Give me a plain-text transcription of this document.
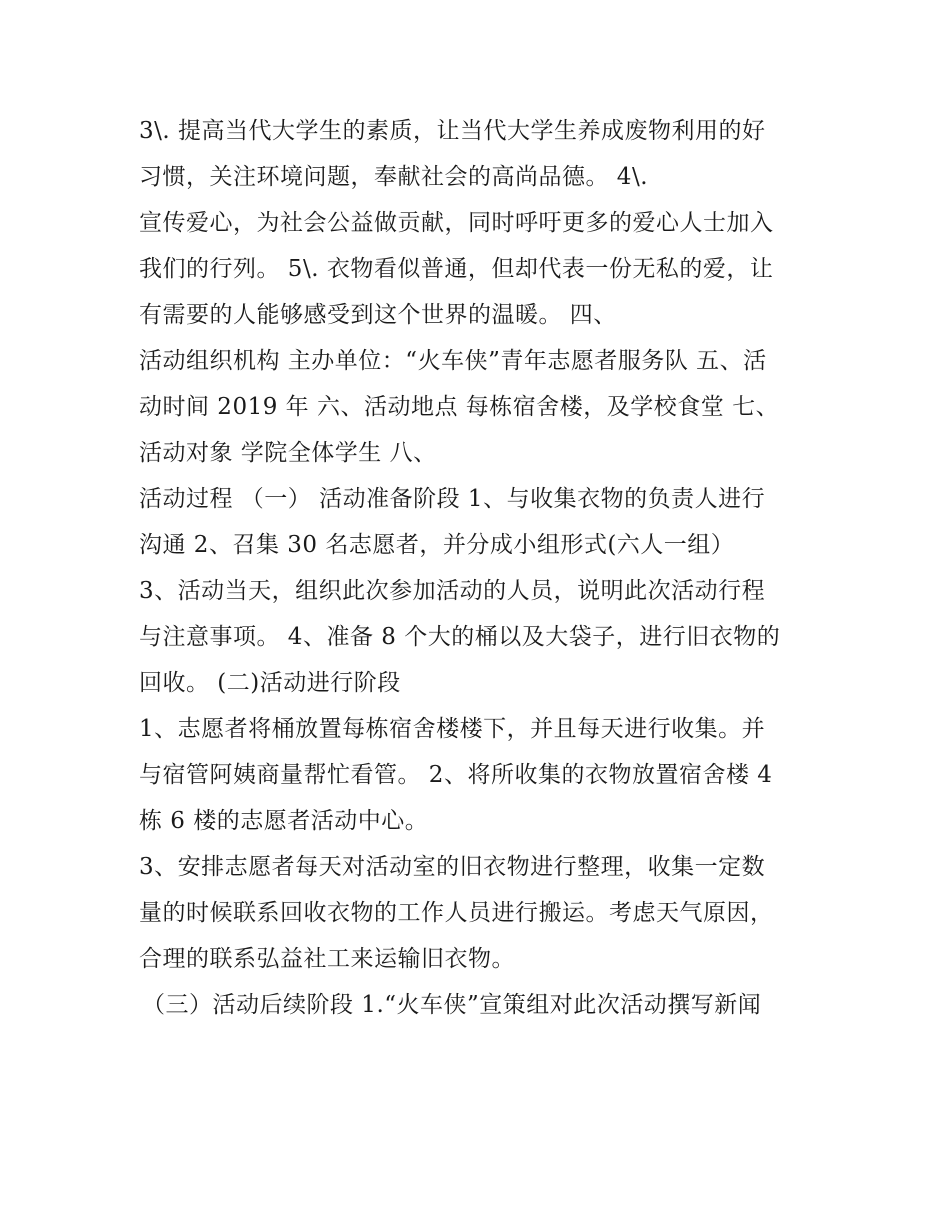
3\. 提高当代大学生的素质，让当代大学生养成废物利用的好
习惯，关注环境问题，奉献社会的高尚品德。 4\.
宣传爱心，为社会公益做贡献，同时呼吁更多的爱心人士加入
我们的行列。 5\. 衣物看似普通，但却代表一份无私的爱，让
有需要的人能够感受到这个世界的温暖。 四、
活动组织机构 主办单位：“火车侠”青年志愿者服务队 五、活
动时间 2019 年 六、活动地点 每栋宿舍楼，及学校食堂 七、
活动对象 学院全体学生 八、
活动过程 （一） 活动准备阶段 1、与收集衣物的负责人进行
沟通 2、召集 30 名志愿者，并分成小组形式(六人一组）
3、活动当天，组织此次参加活动的人员，说明此次活动行程
与注意事项。 4、准备 8 个大的桶以及大袋子，进行旧衣物的
回收。 (二)活动进行阶段
1、志愿者将桶放置每栋宿舍楼楼下，并且每天进行收集。并
与宿管阿姨商量帮忙看管。 2、将所收集的衣物放置宿舍楼 4
栋 6 楼的志愿者活动中心。
3、安排志愿者每天对活动室的旧衣物进行整理，收集一定数
量的时候联系回收衣物的工作人员进行搬运。考虑天气原因，
合理的联系弘益社工来运输旧衣物。
（三）活动后续阶段 1.“火车侠”宣策组对此次活动撰写新闻
